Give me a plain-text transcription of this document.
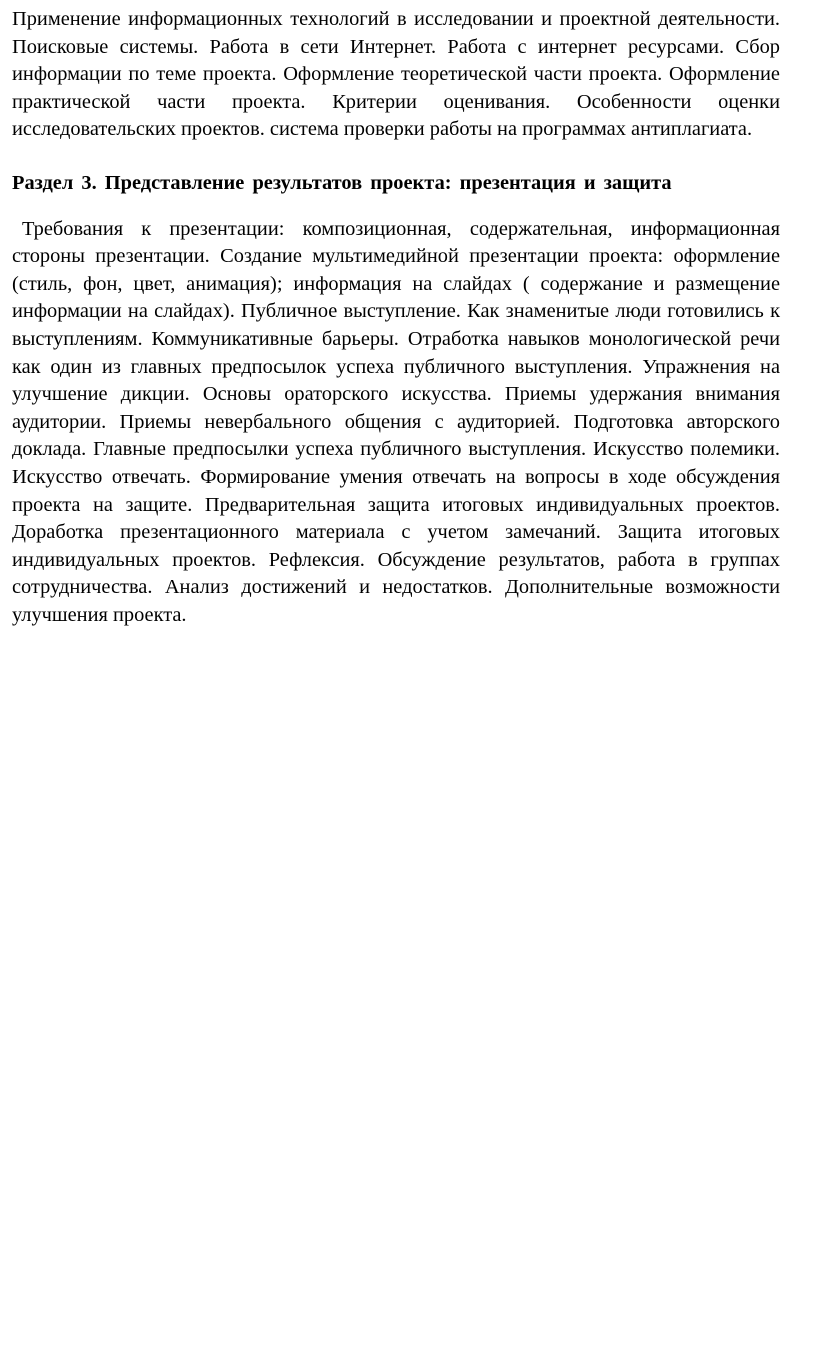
Применение информационных технологий в исследовании и проектной деятельности. Поисковые системы. Работа в сети Интернет. Работа с интернет ресурсами. Сбор информации по теме проекта. Оформление теоретической части проекта. Оформление практической части проекта. Критерии оценивания. Особенности оценки исследовательских проектов. система проверки работы на программах антиплагиата.

Раздел 3. Представление результатов проекта: презентация и защита

Требования к презентации: композиционная, содержательная, информационная стороны презентации. Создание мультимедийной презентации проекта: оформление (стиль, фон, цвет, анимация); информация на слайдах ( содержание и размещение информации на слайдах). Публичное выступление. Как знаменитые люди готовились к выступлениям. Коммуникативные барьеры. Отработка навыков монологической речи как один из главных предпосылок успеха публичного выступления. Упражнения на улучшение дикции. Основы ораторского искусства. Приемы удержания внимания аудитории. Приемы невербального общения с аудиторией. Подготовка авторского доклада. Главные предпосылки успеха публичного выступления. Искусство полемики. Искусство отвечать. Формирование умения отвечать на вопросы в ходе обсуждения проекта на защите. Предварительная защита итоговых индивидуальных проектов. Доработка презентационного материала с учетом замечаний. Защита итоговых индивидуальных проектов. Рефлексия. Обсуждение результатов, работа в группах сотрудничества. Анализ достижений и недостатков. Дополнительные возможности улучшения проекта.
